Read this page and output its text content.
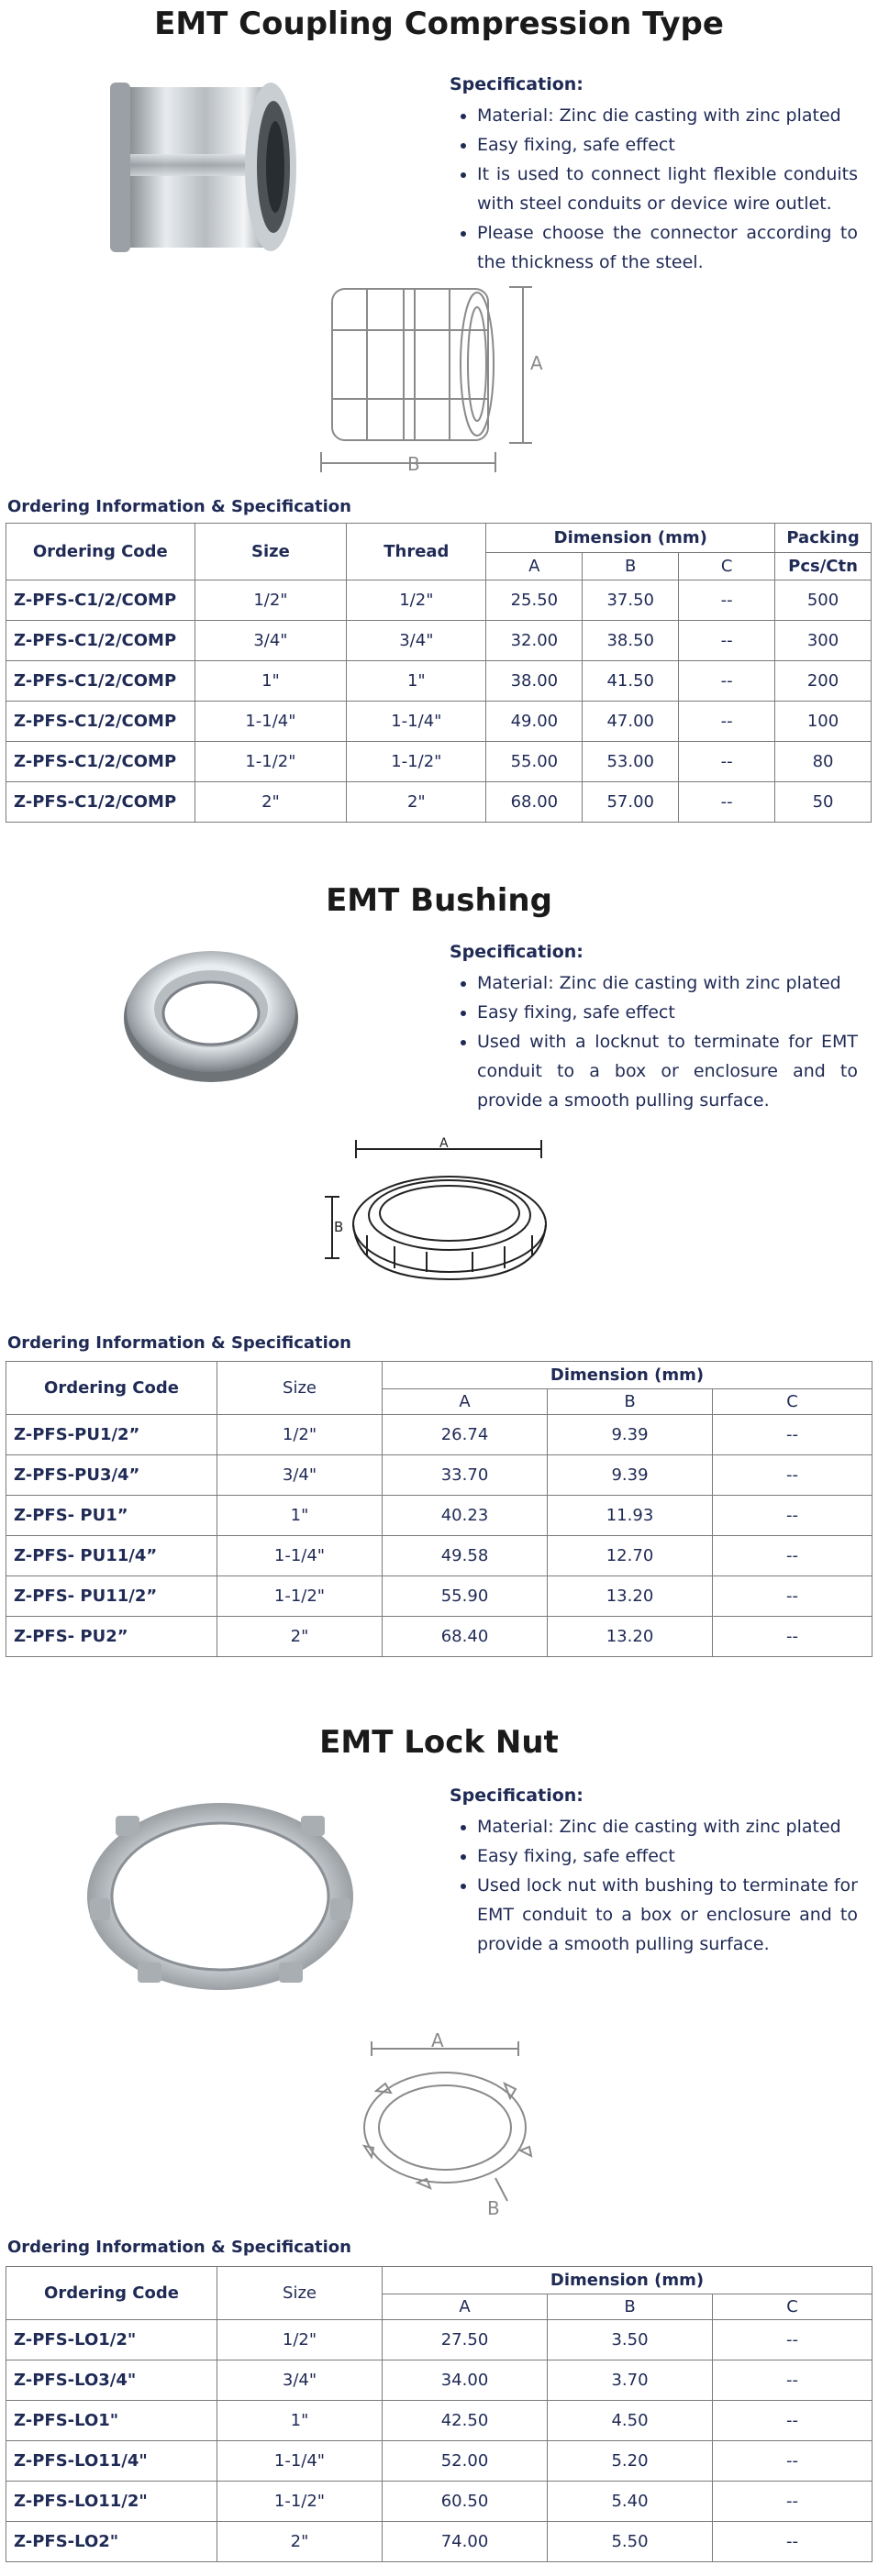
EMT Coupling Compression Type
Specification:
• Material: Zinc die casting with zinc plated
• Easy fixing, safe effect
• It is used to connect light flexible conduits with steel conduits or device wire outlet.
• Please choose the connector according to the thickness of the steel.
A
B
Ordering Information & Specification
Ordering Code	Size	Thread	Dimension (mm)			Packing
			A	B	C	Pcs/Ctn
Z-PFS-C1/2/COMP	1/2"	1/2"	25.50	37.50	--	500
Z-PFS-C1/2/COMP	3/4"	3/4"	32.00	38.50	--	300
Z-PFS-C1/2/COMP	1"	1"	38.00	41.50	--	200
Z-PFS-C1/2/COMP	1-1/4"	1-1/4"	49.00	47.00	--	100
Z-PFS-C1/2/COMP	1-1/2"	1-1/2"	55.00	53.00	--	80
Z-PFS-C1/2/COMP	2"	2"	68.00	57.00	--	50
EMT Bushing
Specification:
• Material: Zinc die casting with zinc plated
• Easy fixing, safe effect
• Used with a locknut to terminate for EMT conduit to a box or enclosure and to provide a smooth pulling surface.
A
B
Ordering Information & Specification
Ordering Code	Size	Dimension (mm)		
		A	B	C
Z-PFS-PU1/2”	1/2"	26.74	9.39	--
Z-PFS-PU3/4”	3/4"	33.70	9.39	--
Z-PFS- PU1”	1"	40.23	11.93	--
Z-PFS- PU11/4”	1-1/4"	49.58	12.70	--
Z-PFS- PU11/2”	1-1/2"	55.90	13.20	--
Z-PFS- PU2”	2"	68.40	13.20	--
EMT Lock Nut
Specification:
• Material: Zinc die casting with zinc plated
• Easy fixing, safe effect
• Used lock nut with bushing to terminate for EMT conduit to a box or enclosure and to provide a smooth pulling surface.
A
B
Ordering Information & Specification
Ordering Code	Size	Dimension (mm)		
		A	B	C
Z-PFS-LO1/2"	1/2"	27.50	3.50	--
Z-PFS-LO3/4"	3/4"	34.00	3.70	--
Z-PFS-LO1"	1"	42.50	4.50	--
Z-PFS-LO11/4"	1-1/4"	52.00	5.20	--
Z-PFS-LO11/2"	1-1/2"	60.50	5.40	--
Z-PFS-LO2"	2"	74.00	5.50	--
